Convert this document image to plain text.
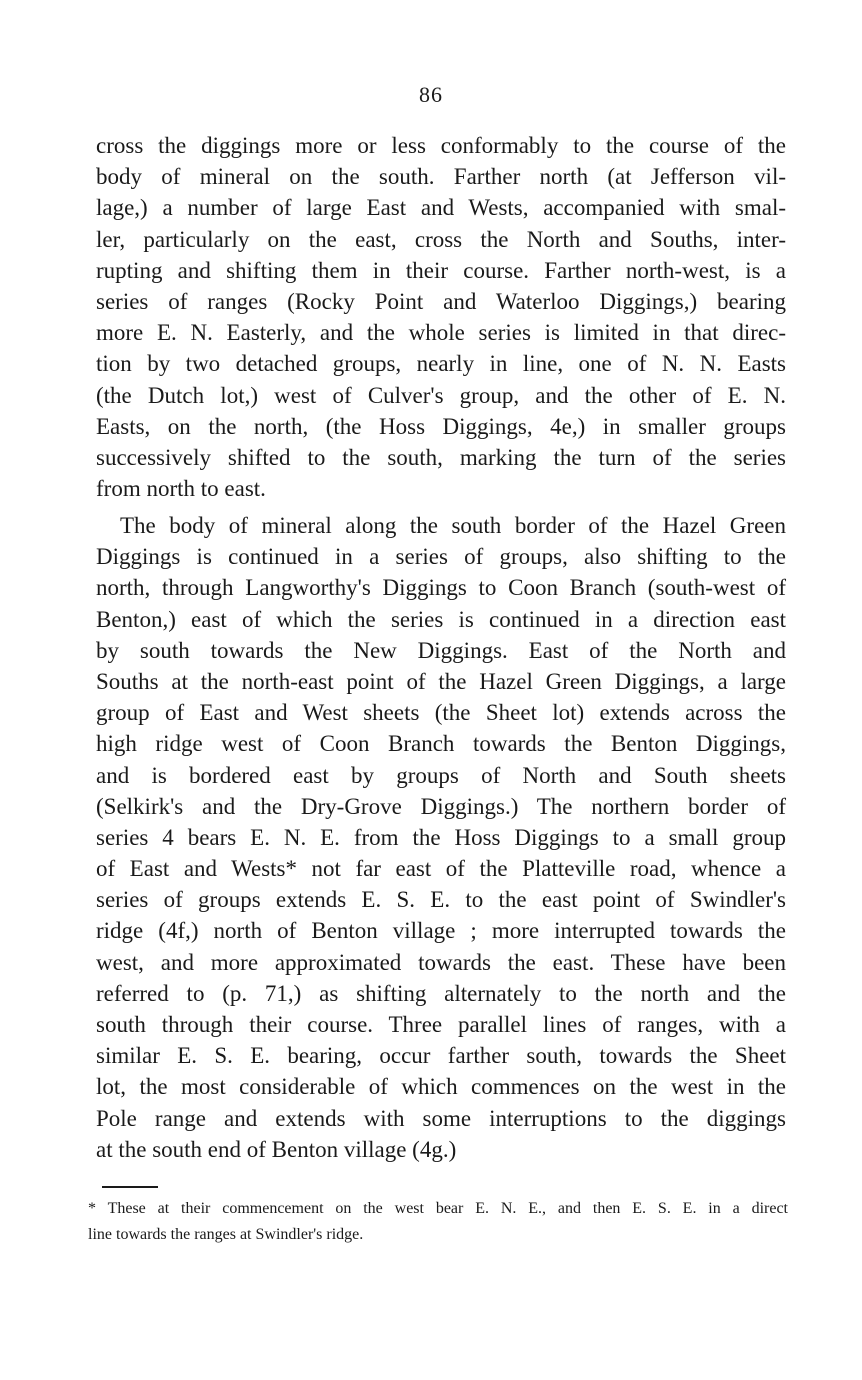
86
cross the diggings more or less conformably to the course of the
body of mineral on the south. Farther north (at Jefferson vil-
lage,) a number of large East and Wests, accompanied with smal-
ler, particularly on the east, cross the North and Souths, inter-
rupting and shifting them in their course. Farther north-west, is a
series of ranges (Rocky Point and Waterloo Diggings,) bearing
more E. N. Easterly, and the whole series is limited in that direc-
tion by two detached groups, nearly in line, one of N. N. Easts
(the Dutch lot,) west of Culver's group, and the other of E. N.
Easts, on the north, (the Hoss Diggings, 4e,) in smaller groups
successively shifted to the south, marking the turn of the series
from north to east.
The body of mineral along the south border of the Hazel Green
Diggings is continued in a series of groups, also shifting to the
north, through Langworthy's Diggings to Coon Branch (south-west of
Benton,) east of which the series is continued in a direction east
by south towards the New Diggings. East of the North and
Souths at the north-east point of the Hazel Green Diggings, a large
group of East and West sheets (the Sheet lot) extends across the
high ridge west of Coon Branch towards the Benton Diggings,
and is bordered east by groups of North and South sheets
(Selkirk's and the Dry-Grove Diggings.) The northern border of
series 4 bears E. N. E. from the Hoss Diggings to a small group
of East and Wests* not far east of the Platteville road, whence a
series of groups extends E. S. E. to the east point of Swindler's
ridge (4f,) north of Benton village ; more interrupted towards the
west, and more approximated towards the east. These have been
referred to (p. 71,) as shifting alternately to the north and the
south through their course. Three parallel lines of ranges, with a
similar E. S. E. bearing, occur farther south, towards the Sheet
lot, the most considerable of which commences on the west in the
Pole range and extends with some interruptions to the diggings
at the south end of Benton village (4g.)
* These at their commencement on the west bear E. N. E., and then E. S. E. in a direct
line towards the ranges at Swindler's ridge.
